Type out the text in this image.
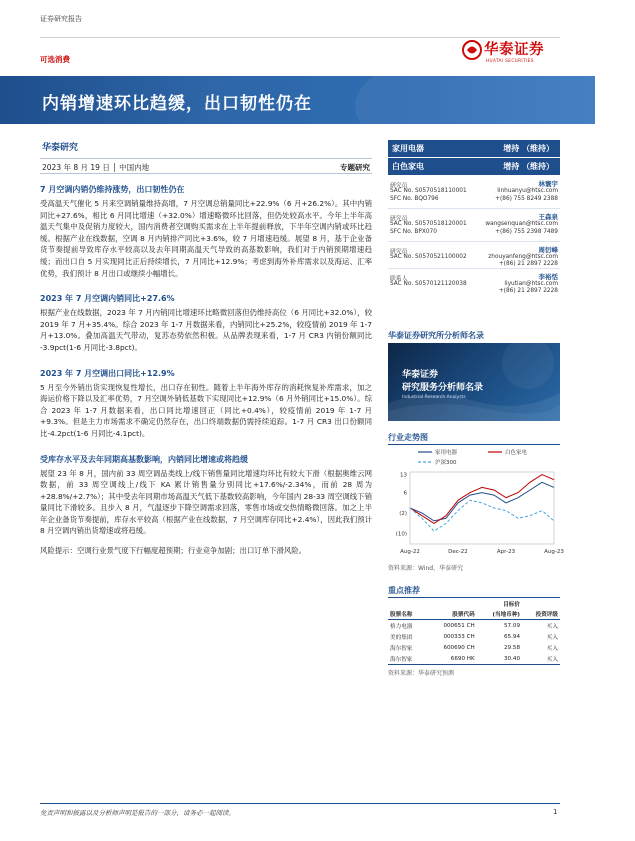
证券研究报告
可选消费
内销增速环比趋缓，出口韧性仍在
华泰研究
2023 年 8 月 19 日 │ 中国内地	专题研究
7 月空调内销仍维持涨势，出口韧性仍在
受高温天气催化 5 月来空调销量维持高增，7 月空调总销量同比+22.9%（6 月+26.2%）。其中内销同比+27.6%，相比 6 月同比增速（+32.0%）增速略微环比回落，但仍处较高水平。今年上半年高温天气集中及促销力度较大，国内消费者空调购买需求在上半年提前释放，下半年空调内销或环比趋缓。根据产业在线数据，空调 8 月内销排产同比+3.6%，较 7 月增速趋缓。展望 8 月，基于企业备货节奏提前导致库存水平较高以及去年同期高温天气导致的高基数影响，我们对于内销预期增速趋缓；而出口自 5 月实现同比正后持续增长，7 月同比+12.9%；考虑到海外补库需求以及海运、汇率优势，我们预计 8 月出口或继续小幅增长。
2023 年 7 月空调内销同比+27.6%
根据产业在线数据，2023 年 7 月内销同比增速环比略微回落但仍维持高位（6 月同比+32.0%），较 2019 年 7 月+35.4%。综合 2023 年 1-7 月数据来看，内销同比+25.2%，较疫情前 2019 年 1-7 月+13.0%。叠加高温天气带动，复苏态势依然积极。从品牌表现来看，1-7 月 CR3 内销份额同比 -3.9pct(1-6 月同比-3.8pct)。
2023 年 7 月空调出口同比+12.9%
5 月至今外销出货实现恢复性增长，出口存在韧性。随着上半年海外库存的消耗恢复补库需求，加之海运价格下降以及汇率优势，7 月空调外销低基数下实现同比+12.9%（6 月外销同比+15.0%）。综合 2023 年 1-7 月数据来看，出口同比增速回正（同比+0.4%），较疫情前 2019 年 1-7 月+9.3%。但是主力市场需求不确定仍然存在，出口终端数据仍需持续追踪。1-7 月 CR3 出口份额同比-4.2pct(1-6 月同比-4.1pct)。
受库存水平及去年同期高基数影响，内销同比增速或将趋缓
展望 23 年 8 月，国内前 33 周空调品类线上/线下销售量同比增速均环比有较大下滑（根据奥维云网数据，前 33 周空调线上/线下 KA 累计销售量分别同比+17.6%/-2.34%，而前 28 周为+28.8%/+2.7%）；其中受去年同期市场高温天气低下基数较高影响，今年国内 28-33 周空调线下销量同比下滑较多。且步入 8 月，气温逐步下降空调需求回落，零售市场或交热情略微回落。加之上半年企业备货节奏提前，库存水平较高（根据产业在线数据，7 月空调库存同比+2.4%），因此我们预计 8 月空调内销出货增速或将趋缓。
风险提示：空调行业景气度下行幅度超预期；行业竞争加剧；出口订单下滑风险。
家用电器	增持 （维持）
白色家电	增持 （维持）
研究员	林寰宇
SAC No. S0570518110001	linhuanyu@htsc.com
SFC No. BQO796	+(86) 755 8249 2388
研究员	王森泉
SAC No. S0570518120001	wangsenquan@htsc.com
SFC No. BPX070	+(86) 755 2398 7489
研究员	周衍峰
SAC No. S0570521100002	zhouyanfeng@htsc.com
+(86) 21 2897 2228
联系人	李裕恬
SAC No. S0570121120038	liyutian@htsc.com
+(86) 21 2897 2228
华泰证券研究所分析师名录
华泰证券
研究服务分析师名录
Industrial Research Analysts
行业走势图
13
6
(2)
(10)
Aug-22	Dec-22	Apr-23	Aug-23
家用电器	白色家电
沪深300
资料来源：Wind，华泰研究
重点推荐
		目标价	
股票名称	股票代码	(当地币种)	投资评级
格力电器	000651 CH	57.09	买入
美的集团	000333 CH	65.94	买入
海尔智家	600690 CH	29.58	买入
海尔智家	6690 HK	30.40	买入
资料来源：华泰研究预测
免责声明和披露以及分析师声明是报告的一部分，请务必一起阅读。	1
